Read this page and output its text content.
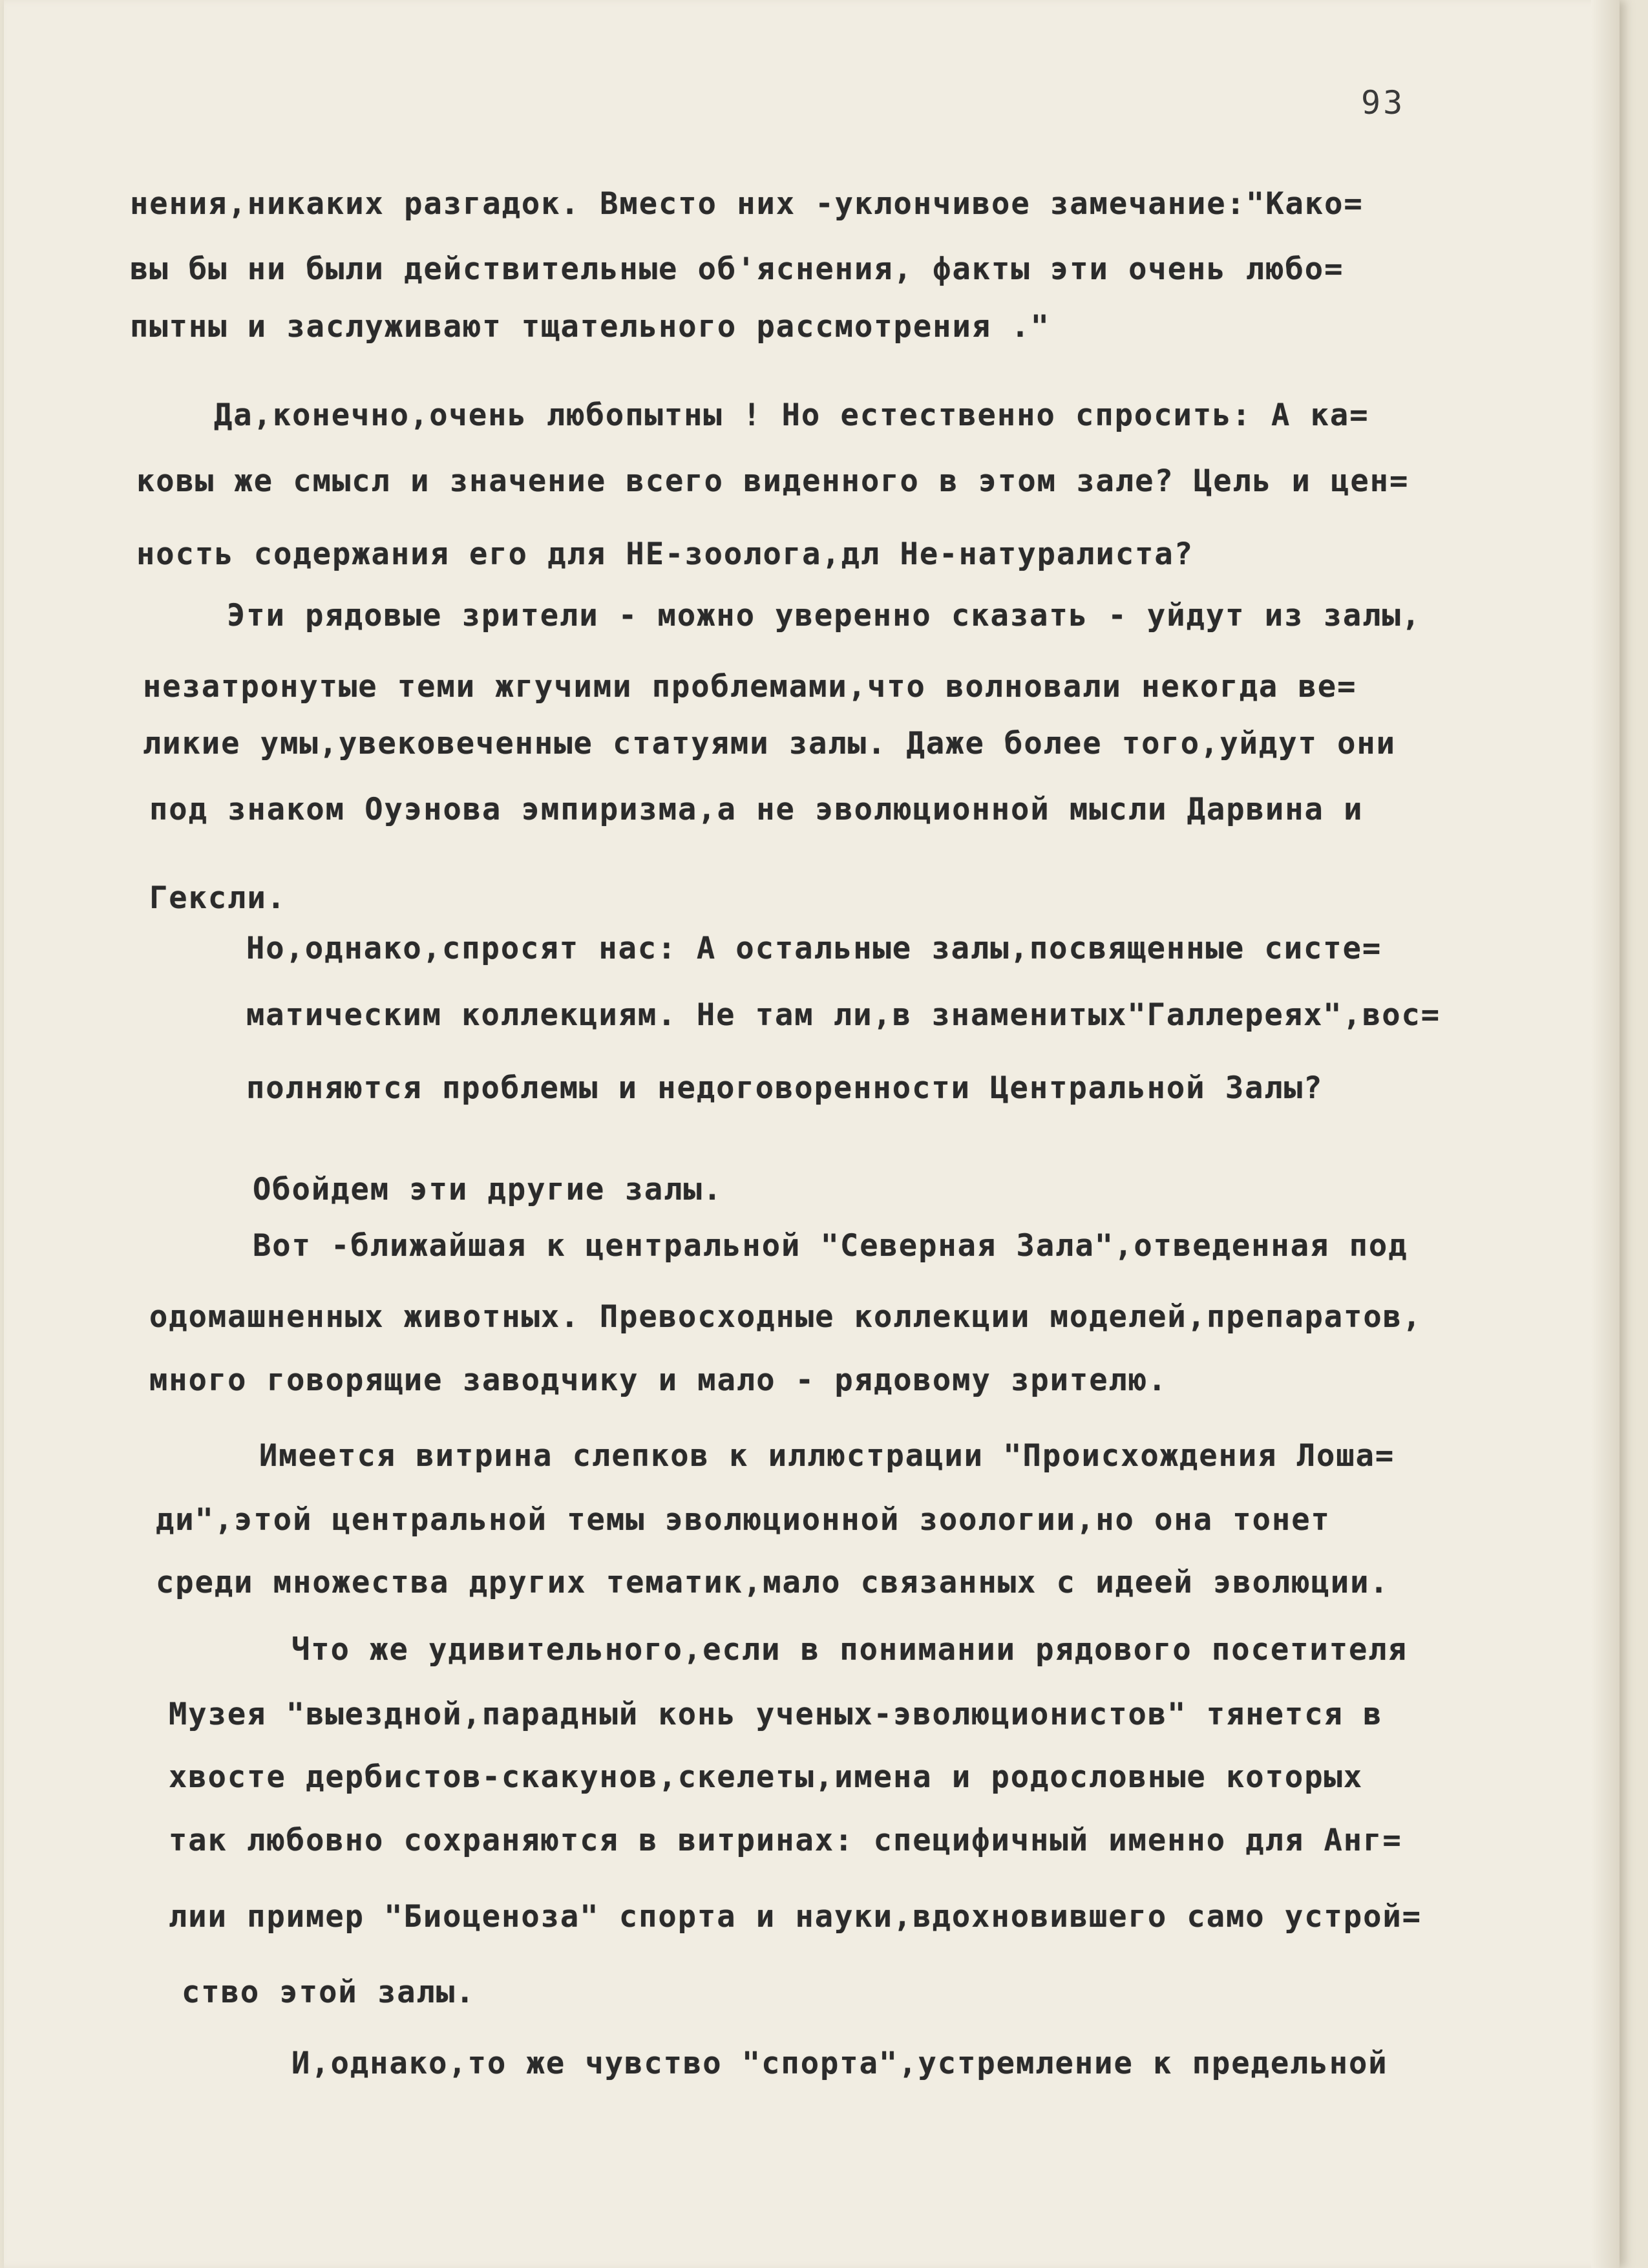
93
нения,никаких разгадок. Вместо них -уклончивое замечание:"Како=
вы бы ни были действительные об'яснения, факты эти очень любо=
пытны и заслуживают тщательного рассмотрения ."
Да,конечно,очень любопытны ! Но естественно спросить: А ка=
ковы же смысл и значение всего виденного в этом зале? Цель и цен=
ность содержания его для НЕ-зоолога,дл Не-натуралиста?
Эти рядовые зрители - можно уверенно сказать - уйдут из залы,
незатронутые теми жгучими проблемами,что волновали некогда ве=
ликие умы,увековеченные статуями залы. Даже более того,уйдут они
под знаком Оуэнова эмпиризма,а не эволюционной мысли Дарвина и
Гексли.
Но,однако,спросят нас: А остальные залы,посвященные систе=
матическим коллекциям. Не там ли,в знаменитых"Галлереях",вос=
полняются проблемы и недоговоренности Центральной Залы?
Обойдем эти другие залы.
Вот -ближайшая к центральной "Северная Зала",отведенная под
одомашненных животных. Превосходные коллекции моделей,препаратов,
много говорящие заводчику и мало - рядовому зрителю.
Имеется витрина слепков к иллюстрации "Происхождения Лоша=
ди",этой центральной темы эволюционной зоологии,но она тонет
среди множества других тематик,мало связанных с идеей эволюции.
Что же удивительного,если в понимании рядового посетителя
Музея "выездной,парадный конь ученых-эволюционистов" тянется в
хвосте дербистов-скакунов,скелеты,имена и родословные которых
так любовно сохраняются в витринах: специфичный именно для Анг=
лии пример "Биоценоза" спорта и науки,вдохновившего само устрой=
ство этой залы.
И,однако,то же чувство "спорта",устремление к предельной
